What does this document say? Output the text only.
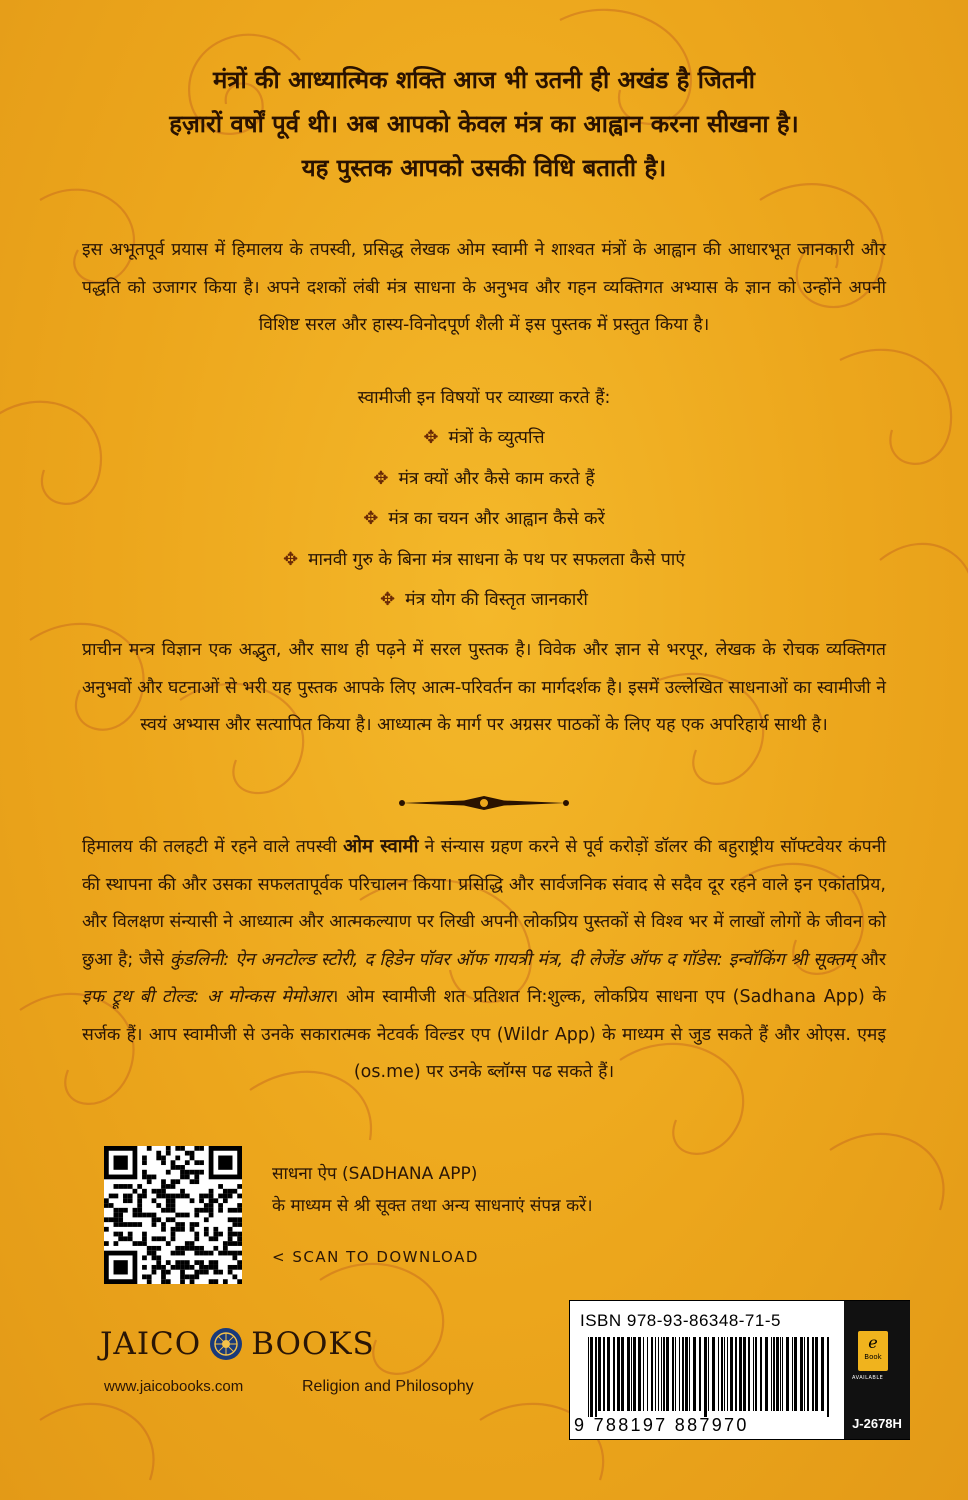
मंत्रों की आध्यात्मिक शक्ति आज भी उतनी ही अखंड है जितनी
हज़ारों वर्षों पूर्व थी। अब आपको केवल मंत्र का आह्वान करना सीखना है।
यह पुस्तक आपको उसकी विधि बताती है।
इस अभूतपूर्व प्रयास में हिमालय के तपस्वी, प्रसिद्ध लेखक ओम स्वामी ने शाश्वत मंत्रों के आह्वान की आधारभूत जानकारी और पद्धति को उजागर किया है। अपने दशकों लंबी मंत्र साधना के अनुभव और गहन व्यक्तिगत अभ्यास के ज्ञान को उन्होंने अपनी विशिष्ट सरल और हास्य-विनोदपूर्ण शैली में इस पुस्तक में प्रस्तुत किया है।
स्वामीजी इन विषयों पर व्याख्या करते हैं:
✥ मंत्रों के व्युत्पत्ति
✥ मंत्र क्यों और कैसे काम करते हैं
✥ मंत्र का चयन और आह्वान कैसे करें
✥ मानवी गुरु के बिना मंत्र साधना के पथ पर सफलता कैसे पाएं
✥ मंत्र योग की विस्तृत जानकारी
प्राचीन मन्त्र विज्ञान एक अद्भुत, और साथ ही पढ़ने में सरल पुस्तक है। विवेक और ज्ञान से भरपूर, लेखक के रोचक व्यक्तिगत अनुभवों और घटनाओं से भरी यह पुस्तक आपके लिए आत्म-परिवर्तन का मार्गदर्शक है। इसमें उल्लेखित साधनाओं का स्वामीजी ने स्वयं अभ्यास और सत्यापित किया है। आध्यात्म के मार्ग पर अग्रसर पाठकों के लिए यह एक अपरिहार्य साथी है।
हिमालय की तलहटी में रहने वाले तपस्वी ओम स्वामी ने संन्यास ग्रहण करने से पूर्व करोड़ों डॉलर की बहुराष्ट्रीय सॉफ्टवेयर कंपनी की स्थापना की और उसका सफलतापूर्वक परिचालन किया। प्रसिद्धि और सार्वजनिक संवाद से सदैव दूर रहने वाले इन एकांतप्रिय, और विलक्षण संन्यासी ने आध्यात्म और आत्मकल्याण पर लिखी अपनी लोकप्रिय पुस्तकों से विश्व भर में लाखों लोगों के जीवन को छुआ है; जैसे कुंडलिनी: ऐन अनटोल्ड स्टोरी, द हिडेन पॉवर ऑफ गायत्री मंत्र, दी लेजेंड ऑफ द गॉडेस: इन्वॉकिंग श्री सूक्तम् और इफ ट्रूथ बी टोल्ड: अ मोन्कस मेमोआर। ओम स्वामीजी शत प्रतिशत नि:शुल्क, लोकप्रिय साधना एप (Sadhana App) के सर्जक हैं। आप स्वामीजी से उनके सकारात्मक नेटवर्क विल्डर एप (Wildr App) के माध्यम से जुड सकते हैं और ओएस. एमइ (os.me) पर उनके ब्लॉग्स पढ सकते हैं।
साधना ऐप (SADHANA APP)
के माध्यम से श्री सूक्त तथा अन्य साधनाएं संपन्न करें।
< SCAN TO DOWNLOAD
JAICO BOOKS
www.jaicobooks.com	Religion and Philosophy
ISBN 978-93-86348-71-5
9 788197 887970
e
Book
AVAILABLE
J-2678H
